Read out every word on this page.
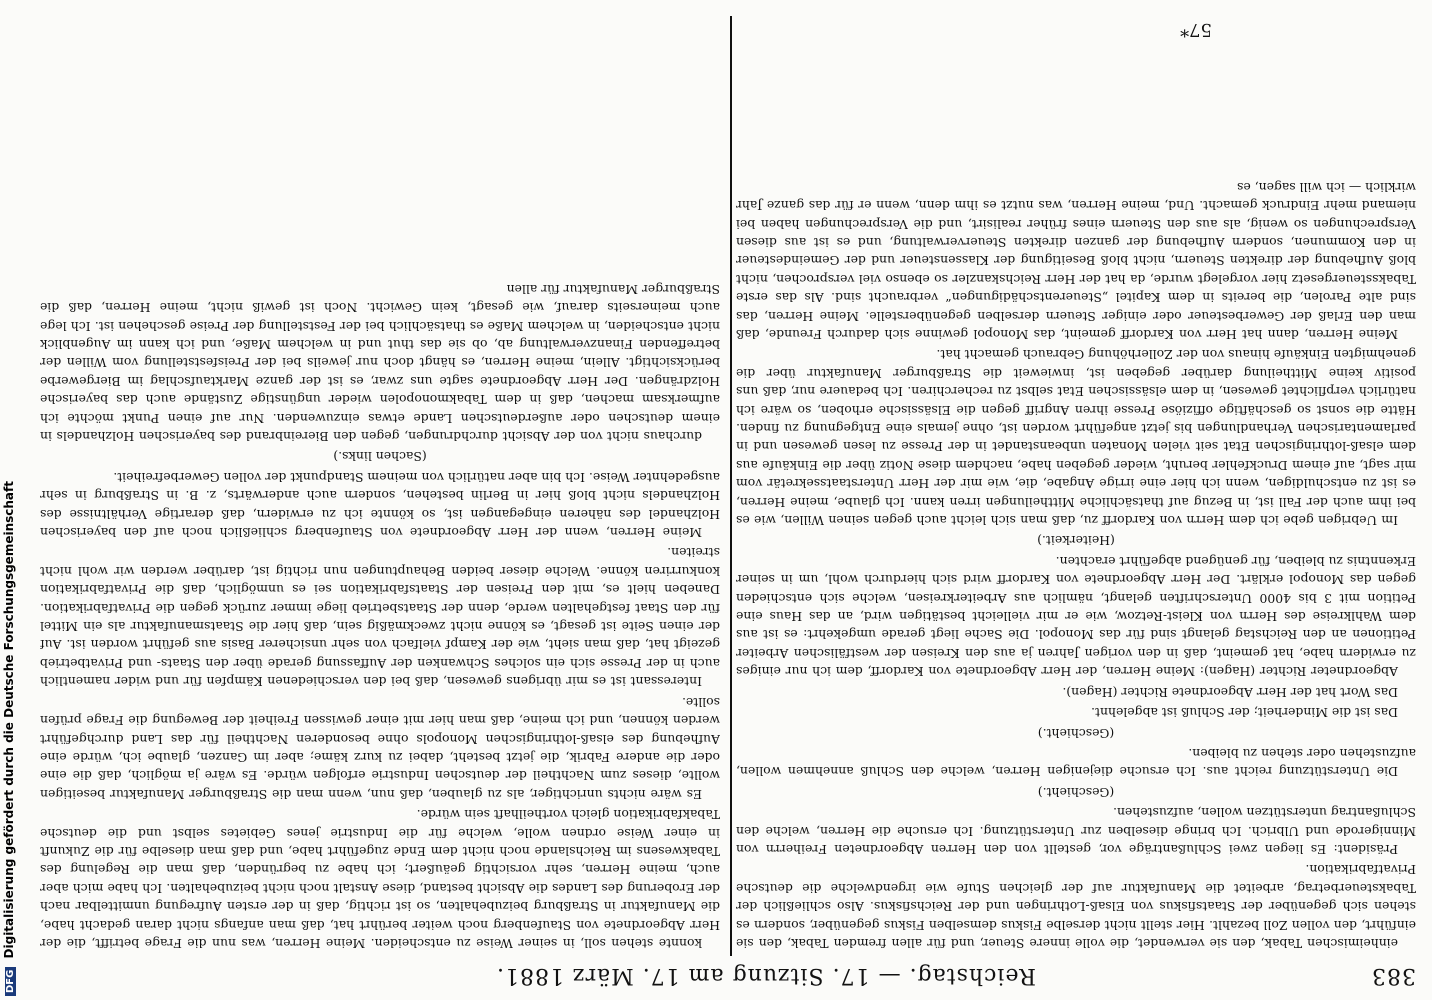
DFG Digitalisierung gefördert durch die Deutsche Forschungsgemeinschaft
383
Reichstag. — 17. Sitzung am 17. März 1881.

einheimischen Tabak, den sie verwendet, die volle innere Steuer, und für allen fremden Tabak, den sie einführt, den vollen Zoll bezahlt. Hier stellt nicht derselbe Fiskus demselben Fiskus gegenüber, sondern es stehen sich gegenüber der Staatsfiskus von Elsaß-Lothringen und der Reichsfiskus. Also schließlich der Tabaksteuerbetrag, arbeitet die Manufaktur auf der gleichen Stufe wie irgendwelche die deutsche Privatfabrikation.

Präsident: Es liegen zwei Schlußanträge vor, gestellt von den Herren Abgeordneten Freiherrn von Minnigerode und Ulbrich. Ich bringe dieselben zur Unterstützung. Ich ersuche die Herren, welche den Schlußantrag unterstützen wollen, aufzustehen.

(Geschieht.)

Die Unterstützung reicht aus. Ich ersuche diejenigen Herren, welche den Schluß annehmen wollen, aufzustehen oder stehen zu bleiben.

(Geschieht.)

Das ist die Minderheit; der Schluß ist abgelehnt.

Das Wort hat der Herr Abgeordnete Richter (Hagen).

Abgeordneter Richter (Hagen): Meine Herren, der Herr Abgeordnete von Kardorff, dem ich nur einiges zu erwidern habe, hat gemeint, daß in den vorigen Jahren ja aus den Kreisen der westfälischen Arbeiter Petitionen an den Reichstag gelangt sind für das Monopol. Die Sache liegt gerade umgekehrt: es ist aus dem Wahlkreise des Herrn von Kleist-Retzow, wie er mir vielleicht bestätigen wird, an das Haus eine Petition mit 3 bis 4000 Unterschriften gelangt, nämlich aus Arbeiterkreisen, welche sich entschieden gegen das Monopol erklärt. Der Herr Abgeordnete von Kardorff wird sich hierdurch wohl, um in seiner Erkenntnis zu bleiben, für genügend abgeführt erachten.

(Heiterkeit.)

Im Uebrigen gebe ich dem Herrn von Kardorff zu, daß man sich leicht auch gegen seinen Willen, wie es bei ihm auch der Fall ist, in Bezug auf thatsächliche Mittheilungen irren kann. Ich glaube, meine Herren, es ist zu entschuldigen, wenn ich hier eine irrige Angabe, die, wie mir der Herr Unterstaatssekretär vom mir sagt, auf einem Druckfehler beruht, wieder gegeben habe, nachdem diese Notiz über die Einkäufe aus dem elsaß-lothringischen Etat seit vielen Monaten unbeanstandet in der Presse zu lesen gewesen und in parlamentarischen Verhandlungen bis jetzt angeführt worden ist, ohne jemals eine Entgegnung zu finden. Hätte die sonst so geschäftige offiziöse Presse ihren Angriff gegen die Elsässische erhoben, so wäre ich natürlich verpflichtet gewesen, in dem elsässischen Etat selbst zu recherchiren. Ich bedauere nur, daß uns positiv keine Mittheilung darüber gegeben ist, inwieweit die Straßburger Manufaktur über die genehmigten Einkäufe hinaus von der Zollerhöhung Gebrauch gemacht hat.

Meine Herren, dann hat Herr von Kardorff gemeint, das Monopol gewinne sich dadurch Freunde, daß man den Erlaß der Gewerbesteuer oder einiger Steuern derselben gegenüberstelle. Meine Herren, das sind alte Parolen, die bereits in dem Kapitel „Steuerentschädigungen“ verbraucht sind. Als das erste Tabakssteuergesetz hier vorgelegt wurde, da hat der Herr Reichskanzler so ebenso viel versprochen, nicht bloß Aufhebung der direkten Steuern, nicht bloß Beseitigung der Klassensteuer und der Gemeindesteuer in den Kommunen, sondern Aufhebung der ganzen direkten Steuerverwaltung, und es ist aus diesen Versprechungen so wenig, als aus den Steuern eines früher realisirt, und die Versprechungen haben bei niemand mehr Eindruck gemacht. Und, meine Herren, was nutzt es ihm denn, wenn er für das ganze Jahr wirklich — ich will sagen, es

konnte stehen soll, in seiner Weise zu entscheiden. Meine Herren, was nun die Frage betrifft, die der Herr Abgeordnete von Staufenberg noch weiter berührt hat, daß man anfangs nicht daran gedacht habe, die Manufaktur in Straßburg beizubehalten, so ist richtig, daß in der ersten Aufregung unmittelbar nach der Eroberung des Landes die Absicht bestand, diese Anstalt noch nicht beizubehalten. Ich habe mich aber auch, meine Herren, sehr vorsichtig geäußert; ich habe zu begründen, daß man die Regelung des Tabakwesens im Reichslande noch nicht dem Ende zugeführt habe, und daß man dieselbe für die Zukunft in einer Weise ordnen wolle, welche für die Industrie jenes Gebietes selbst und die deutsche Tabakfabrikation gleich vortheilhaft sein würde.

Es wäre nichts unrichtiger, als zu glauben, daß nun, wenn man die Straßburger Manufaktur beseitigen wollte, dieses zum Nachtheil der deutschen Industrie erfolgen würde. Es wäre ja möglich, daß die eine oder die andere Fabrik, die jetzt besteht, dabei zu kurz käme; aber im Ganzen, glaube ich, würde eine Aufhebung des elsaß-lothringischen Monopols ohne besonderen Nachtheil für das Land durchgeführt werden können, und ich meine, daß man hier mit einer gewissen Freiheit der Bewegung die Frage prüfen sollte.

Interessant ist es mir übrigens gewesen, daß bei den verschiedenen Kämpfen für und wider namentlich auch in der Presse sich ein solches Schwanken der Auffassung gerade über den Staats- und Privatbetrieb gezeigt hat, daß man sieht, wie der Kampf vielfach von sehr unsicherer Basis aus geführt worden ist. Auf der einen Seite ist gesagt, es könne nicht zweckmäßig sein, daß hier die Staatsmanufaktur als ein Mittel für den Staat festgehalten werde, denn der Staatsbetrieb liege immer zurück gegen die Privatfabrikation. Daneben hielt es, mit den Preisen der Staatsfabrikation sei es unmöglich, daß die Privatfabrikation konkurriren könne. Welche dieser beiden Behauptungen nun richtig ist, darüber werden wir wohl nicht streiten.

Meine Herren, wenn der Herr Abgeordnete von Staufenberg schließlich noch auf den bayerischen Holzhandel des näheren eingegangen ist, so könnte ich zu erwidern, daß derartige Verhältnisse des Holzhandels nicht bloß hier in Berlin bestehen, sondern auch anderwärts, z. B. in Straßburg in sehr ausgedehnter Weise. Ich bin aber natürlich von meinem Standpunkt der vollen Gewerbefreiheit.

(Sachen links.)

durchaus nicht von der Absicht durchdrungen, gegen den Biereinbrand des bayerischen Holzhandels in einem deutschen oder außerdeutschen Lande etwas einzuwenden. Nur auf einen Punkt möchte ich aufmerksam machen, daß in dem Tabakmonopolen wieder ungünstige Zustände auch das bayerische Holzdrängen. Der Herr Abgeordnete sagte uns zwar, es ist der ganze Marktaufschlag im Biergewerbe berücksichtigt. Allein, meine Herren, es hängt doch nur jeweils bei der Preisfeststellung vom Willen der betreffenden Finanzverwaltung ab, ob sie das thut und in welchem Maße, und ich kann im Augenblick nicht entscheiden, in welchem Maße es thatsächlich bei der Feststellung der Preise geschehen ist. Ich lege auch meinerseits darauf, wie gesagt, kein Gewicht. Noch ist gewiß nicht, meine Herren, daß die Straßburger Manufaktur für allen

57*
